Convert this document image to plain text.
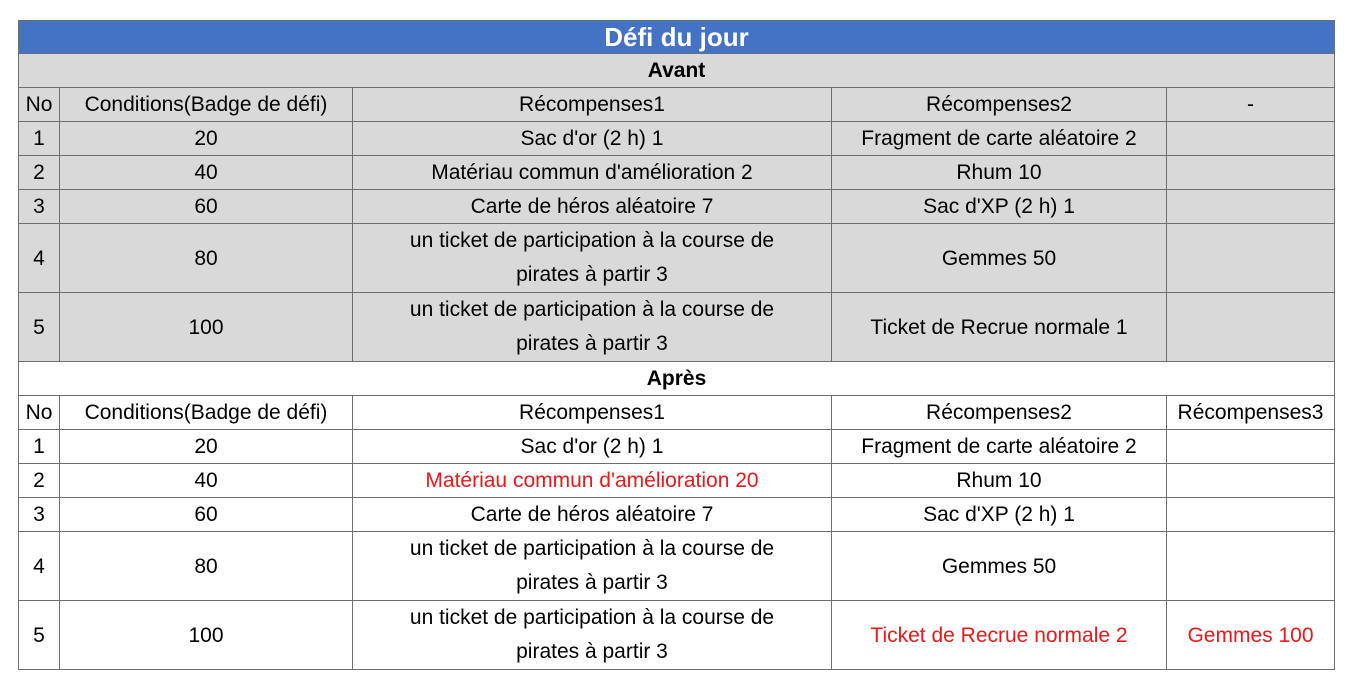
Défi du jour				
Avant				
No	Conditions(Badge de défi)	Récompenses1	Récompenses2	-
1	20	Sac d'or (2 h) 1	Fragment de carte aléatoire 2	
2	40	Matériau commun d'amélioration 2	Rhum 10	
3	60	Carte de héros aléatoire 7	Sac d'XP (2 h) 1	
4	80	un ticket de participation à la course de pirates à partir 3	Gemmes 50	
5	100	un ticket de participation à la course de pirates à partir 3	Ticket de Recrue normale 1	
Après				
No	Conditions(Badge de défi)	Récompenses1	Récompenses2	Récompenses3
1	20	Sac d'or (2 h) 1	Fragment de carte aléatoire 2	
2	40	Matériau commun d'amélioration 20	Rhum 10	
3	60	Carte de héros aléatoire 7	Sac d'XP (2 h) 1	
4	80	un ticket de participation à la course de pirates à partir 3	Gemmes 50	
5	100	un ticket de participation à la course de pirates à partir 3	Ticket de Recrue normale 2	Gemmes 100
